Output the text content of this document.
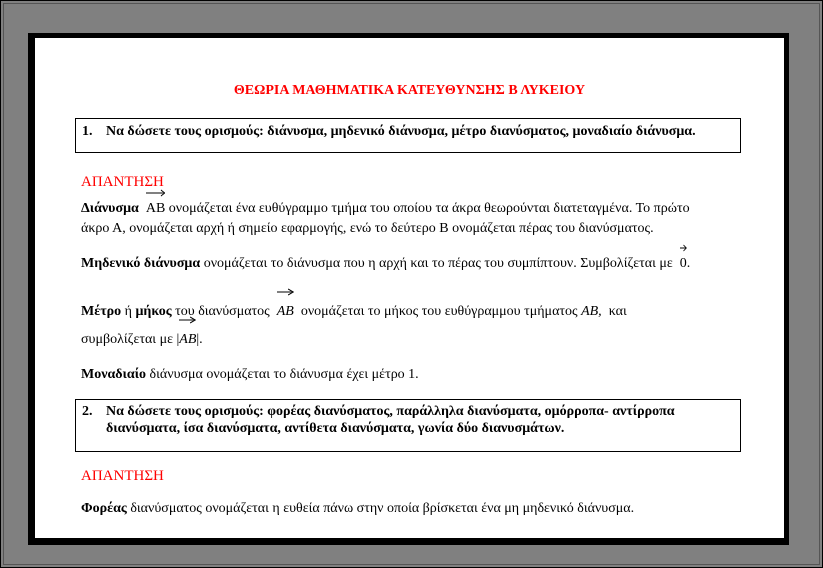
ΘΕΩΡΙΑ ΜΑΘΗΜΑΤΙΚΑ ΚΑΤΕΥΘΥΝΣΗΣ Β ΛΥΚΕΙΟΥ
1. Να δώσετε τους ορισμούς: διάνυσμα, μηδενικό διάνυσμα, μέτρο διανύσματος, μοναδιαίο διάνυσμα.
ΑΠΑΝΤΗΣΗ
Διάνυσμα AB ονομάζεται ένα ευθύγραμμο τμήμα του οποίου τα άκρα θεωρούνται διατεταγμένα. Το πρώτο
άκρο Α, ονομάζεται αρχή ή σημείο εφαρμογής, ενώ το δεύτερο Β ονομάζεται πέρας του διανύσματος.
Μηδενικό διάνυσμα ονομάζεται το διάνυσμα που η αρχή και το πέρας του συμπίπτουν. Συμβολίζεται με 0.
Μέτρο ή μήκος του διανύσματος AB ονομάζεται το μήκος του ευθύγραμμου τμήματος AB, και
συμβολίζεται με |
AB|.
Μοναδιαίο διάνυσμα ονομάζεται το διάνυσμα έχει μέτρο 1.
2. Να δώσετε τους ορισμούς: φορέας διανύσματος, παράλληλα διανύσματα, ομόρροπα- αντίρροπα
διανύσματα, ίσα διανύσματα, αντίθετα διανύσματα, γωνία δύο διανυσμάτων.
ΑΠΑΝΤΗΣΗ
Φορέας διανύσματος ονομάζεται η ευθεία πάνω στην οποία βρίσκεται ένα μη μηδενικό διάνυσμα.
